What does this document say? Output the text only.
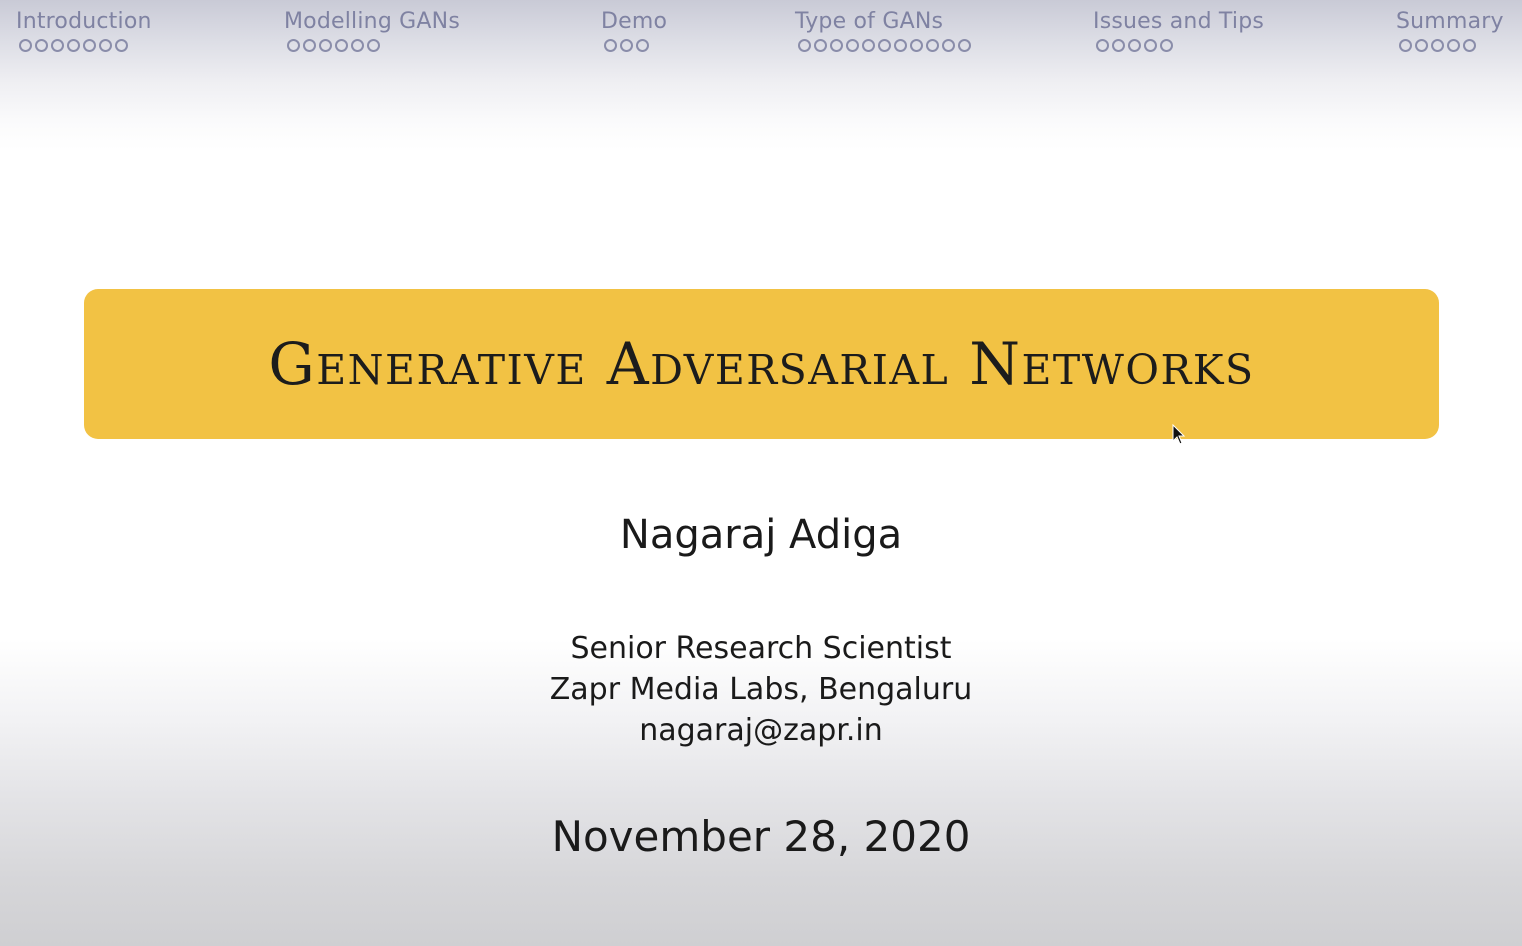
Introduction	Modelling GANs	Demo	Type of GANs	Issues and Tips	Summary
Generative Adversarial Networks
Nagaraj Adiga
Senior Research Scientist
Zapr Media Labs, Bengaluru
nagaraj@zapr.in
November 28, 2020
